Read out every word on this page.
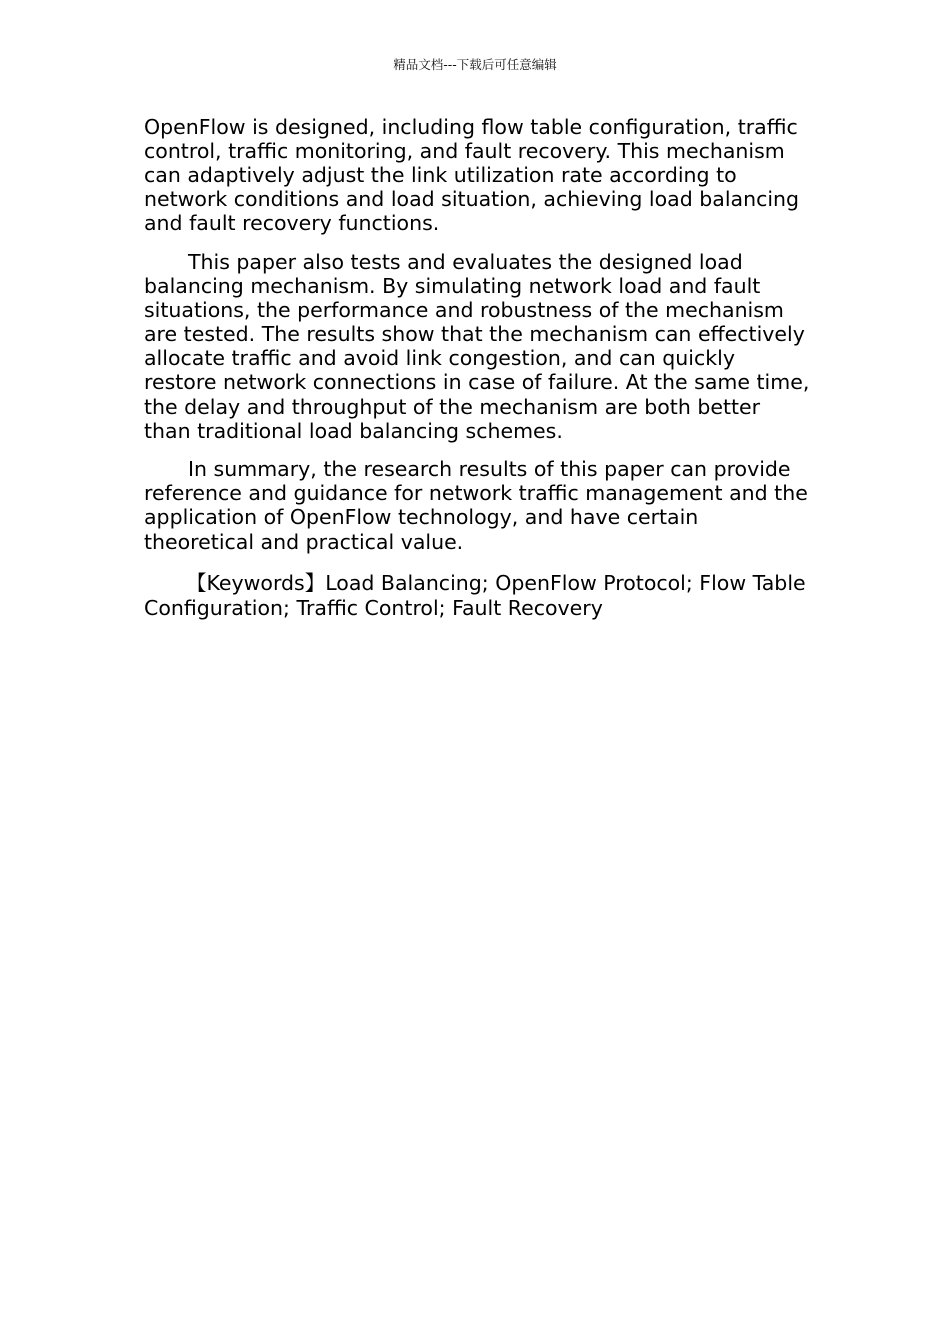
精品文档---下载后可任意编辑

OpenFlow is designed, including flow table configuration, traffic control, traffic monitoring, and fault recovery. This mechanism can adaptively adjust the link utilization rate according to network conditions and load situation, achieving load balancing and fault recovery functions.

This paper also tests and evaluates the designed load balancing mechanism. By simulating network load and fault situations, the performance and robustness of the mechanism are tested. The results show that the mechanism can effectively allocate traffic and avoid link congestion, and can quickly restore network connections in case of failure. At the same time, the delay and throughput of the mechanism are both better than traditional load balancing schemes.

In summary, the research results of this paper can provide reference and guidance for network traffic management and the application of OpenFlow technology, and have certain theoretical and practical value.

【Keywords】Load Balancing; OpenFlow Protocol; Flow Table Configuration; Traffic Control; Fault Recovery
